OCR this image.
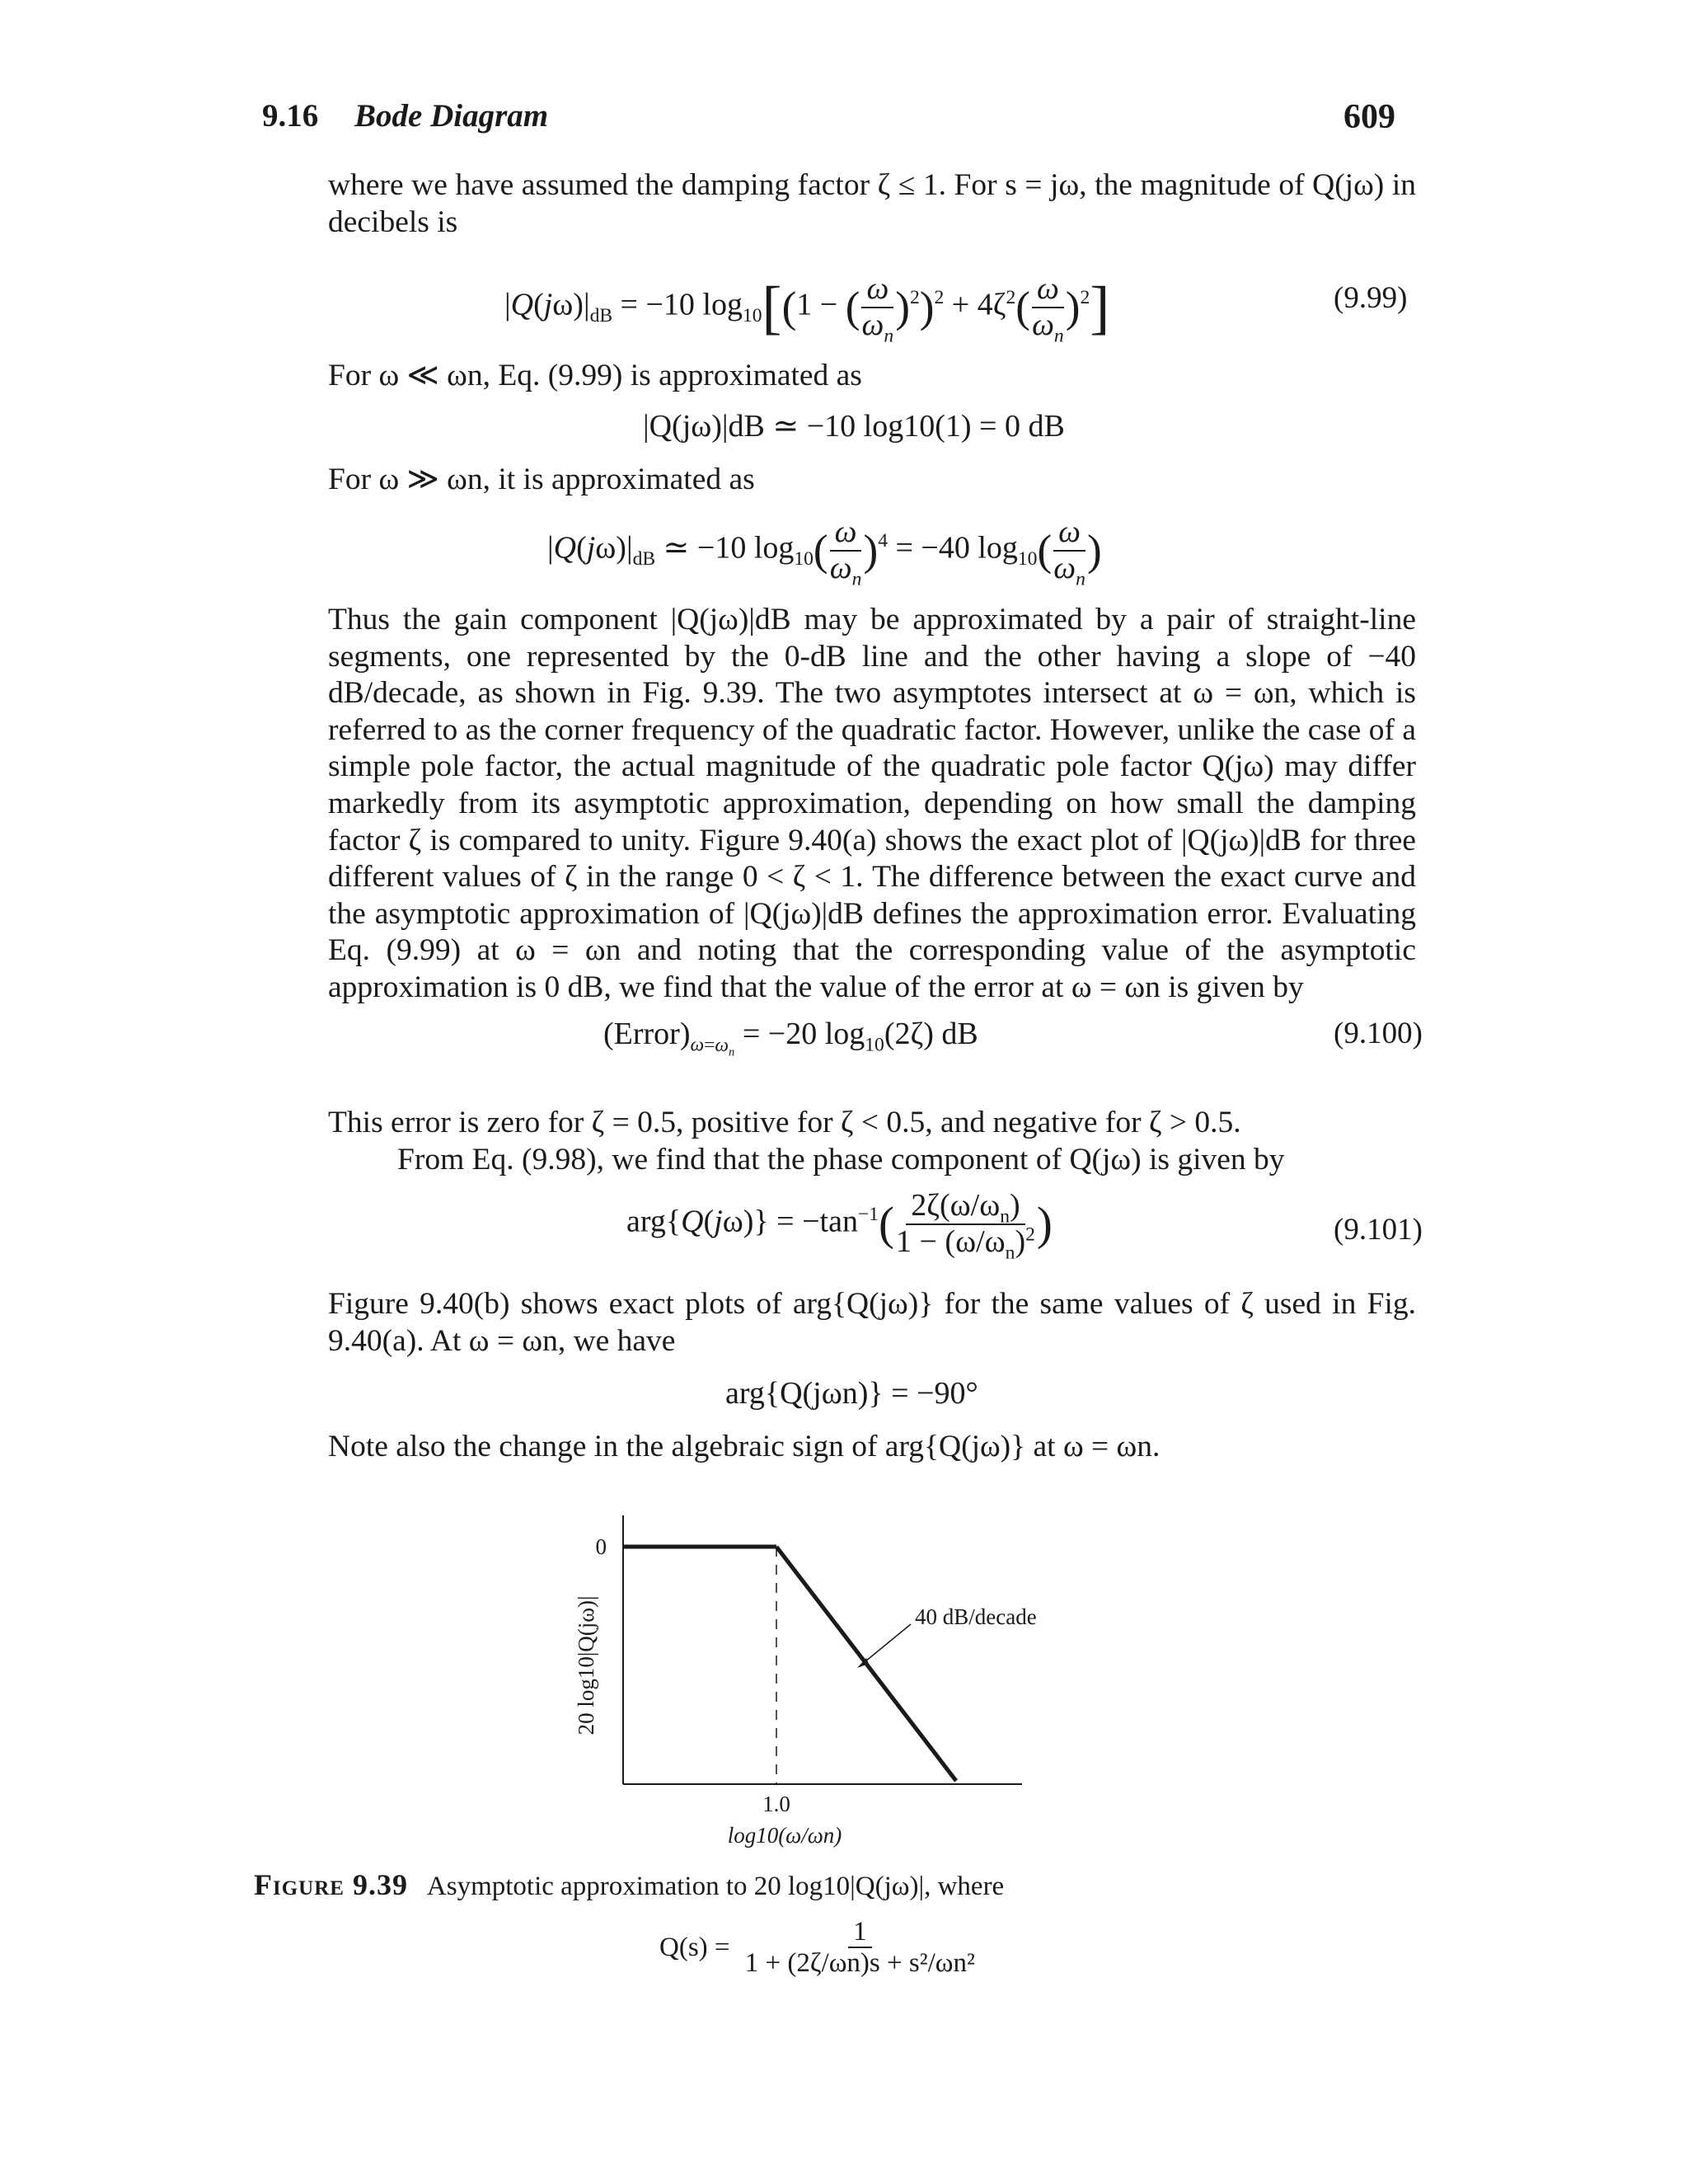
9.16 Bode Diagram	609

where we have assumed the damping factor ζ ≤ 1. For s = jω, the magnitude of Q(jω) in decibels is

$|Q(j\omega)|_{dB} = -10$ $\log_{10}[(1$ − ( $\frac{\omega}{\omega_n} )^2)^2 + 4\zeta^2( \frac{\omega}{\omega_n} )^2$]	(9.99)
For ω ≪ ωn, Eq. (9.99) is approximated as
|Q(jω)|dB ≃ −10 log10(1) = 0 dB
For ω ≫ ωn, it is approximated as
$|Q(j\omega)|_{dB}$ ≃ −10 $\log_{10}( \frac{\omega}{\omega_n} )^4 = -40$ $\log_{10}( \frac{\omega}{\omega_n}$ )

Thus the gain component |Q(jω)|dB may be approximated by a pair of straight-line segments, one represented by the 0-dB line and the other having a slope of −40 dB/decade, as shown in Fig. 9.39. The two asymptotes intersect at ω = ωn, which is referred to as the corner frequency of the quadratic factor. However, unlike the case of a simple pole factor, the actual magnitude of the quadratic pole factor Q(jω) may differ markedly from its asymptotic approximation, depending on how small the damping factor ζ is compared to unity. Figure 9.40(a) shows the exact plot of |Q(jω)|dB for three different values of ζ in the range 0 < ζ < 1. The difference between the exact curve and the asymptotic approximation of |Q(jω)|dB defines the approximation error. Evaluating Eq. (9.99) at ω = ωn and noting that the corresponding value of the asymptotic approximation is 0 dB, we find that the value of the error at ω = ωn is given by

$(Error)_{\omega=\omega_n} = -20$ $\log_{10}(2\zeta)$ dB	(9.100)
This error is zero for ζ = 0.5, positive for ζ < 0.5, and negative for ζ > 0.5.
From Eq. (9.98), we find that the phase component of Q(jω) is given by
$arg\{Q(j\omega)\} = -\tan^{-1}( \frac{2\zeta(\omega/\omega_n)}{1 - (\omega/\omega_n)^2}$ )	(9.101)

Figure 9.40(b) shows exact plots of arg{Q(jω)} for the same values of ζ used in Fig. 9.40(a). At ω = ωn, we have

arg{Q(jωn)} = −90°
Note also the change in the algebraic sign of arg{Q(jω)} at ω = ωn.
40 dB/decade
0
1.0
log10(ω/ωn)
20 log10|Q(jω)|
Figure 9.39 Asymptotic approximation to 20 log10|Q(jω)|, where
$Q(s) = \frac{1}{\text{1 + (2ζ/ωn)s + s²/ωn²}}$
